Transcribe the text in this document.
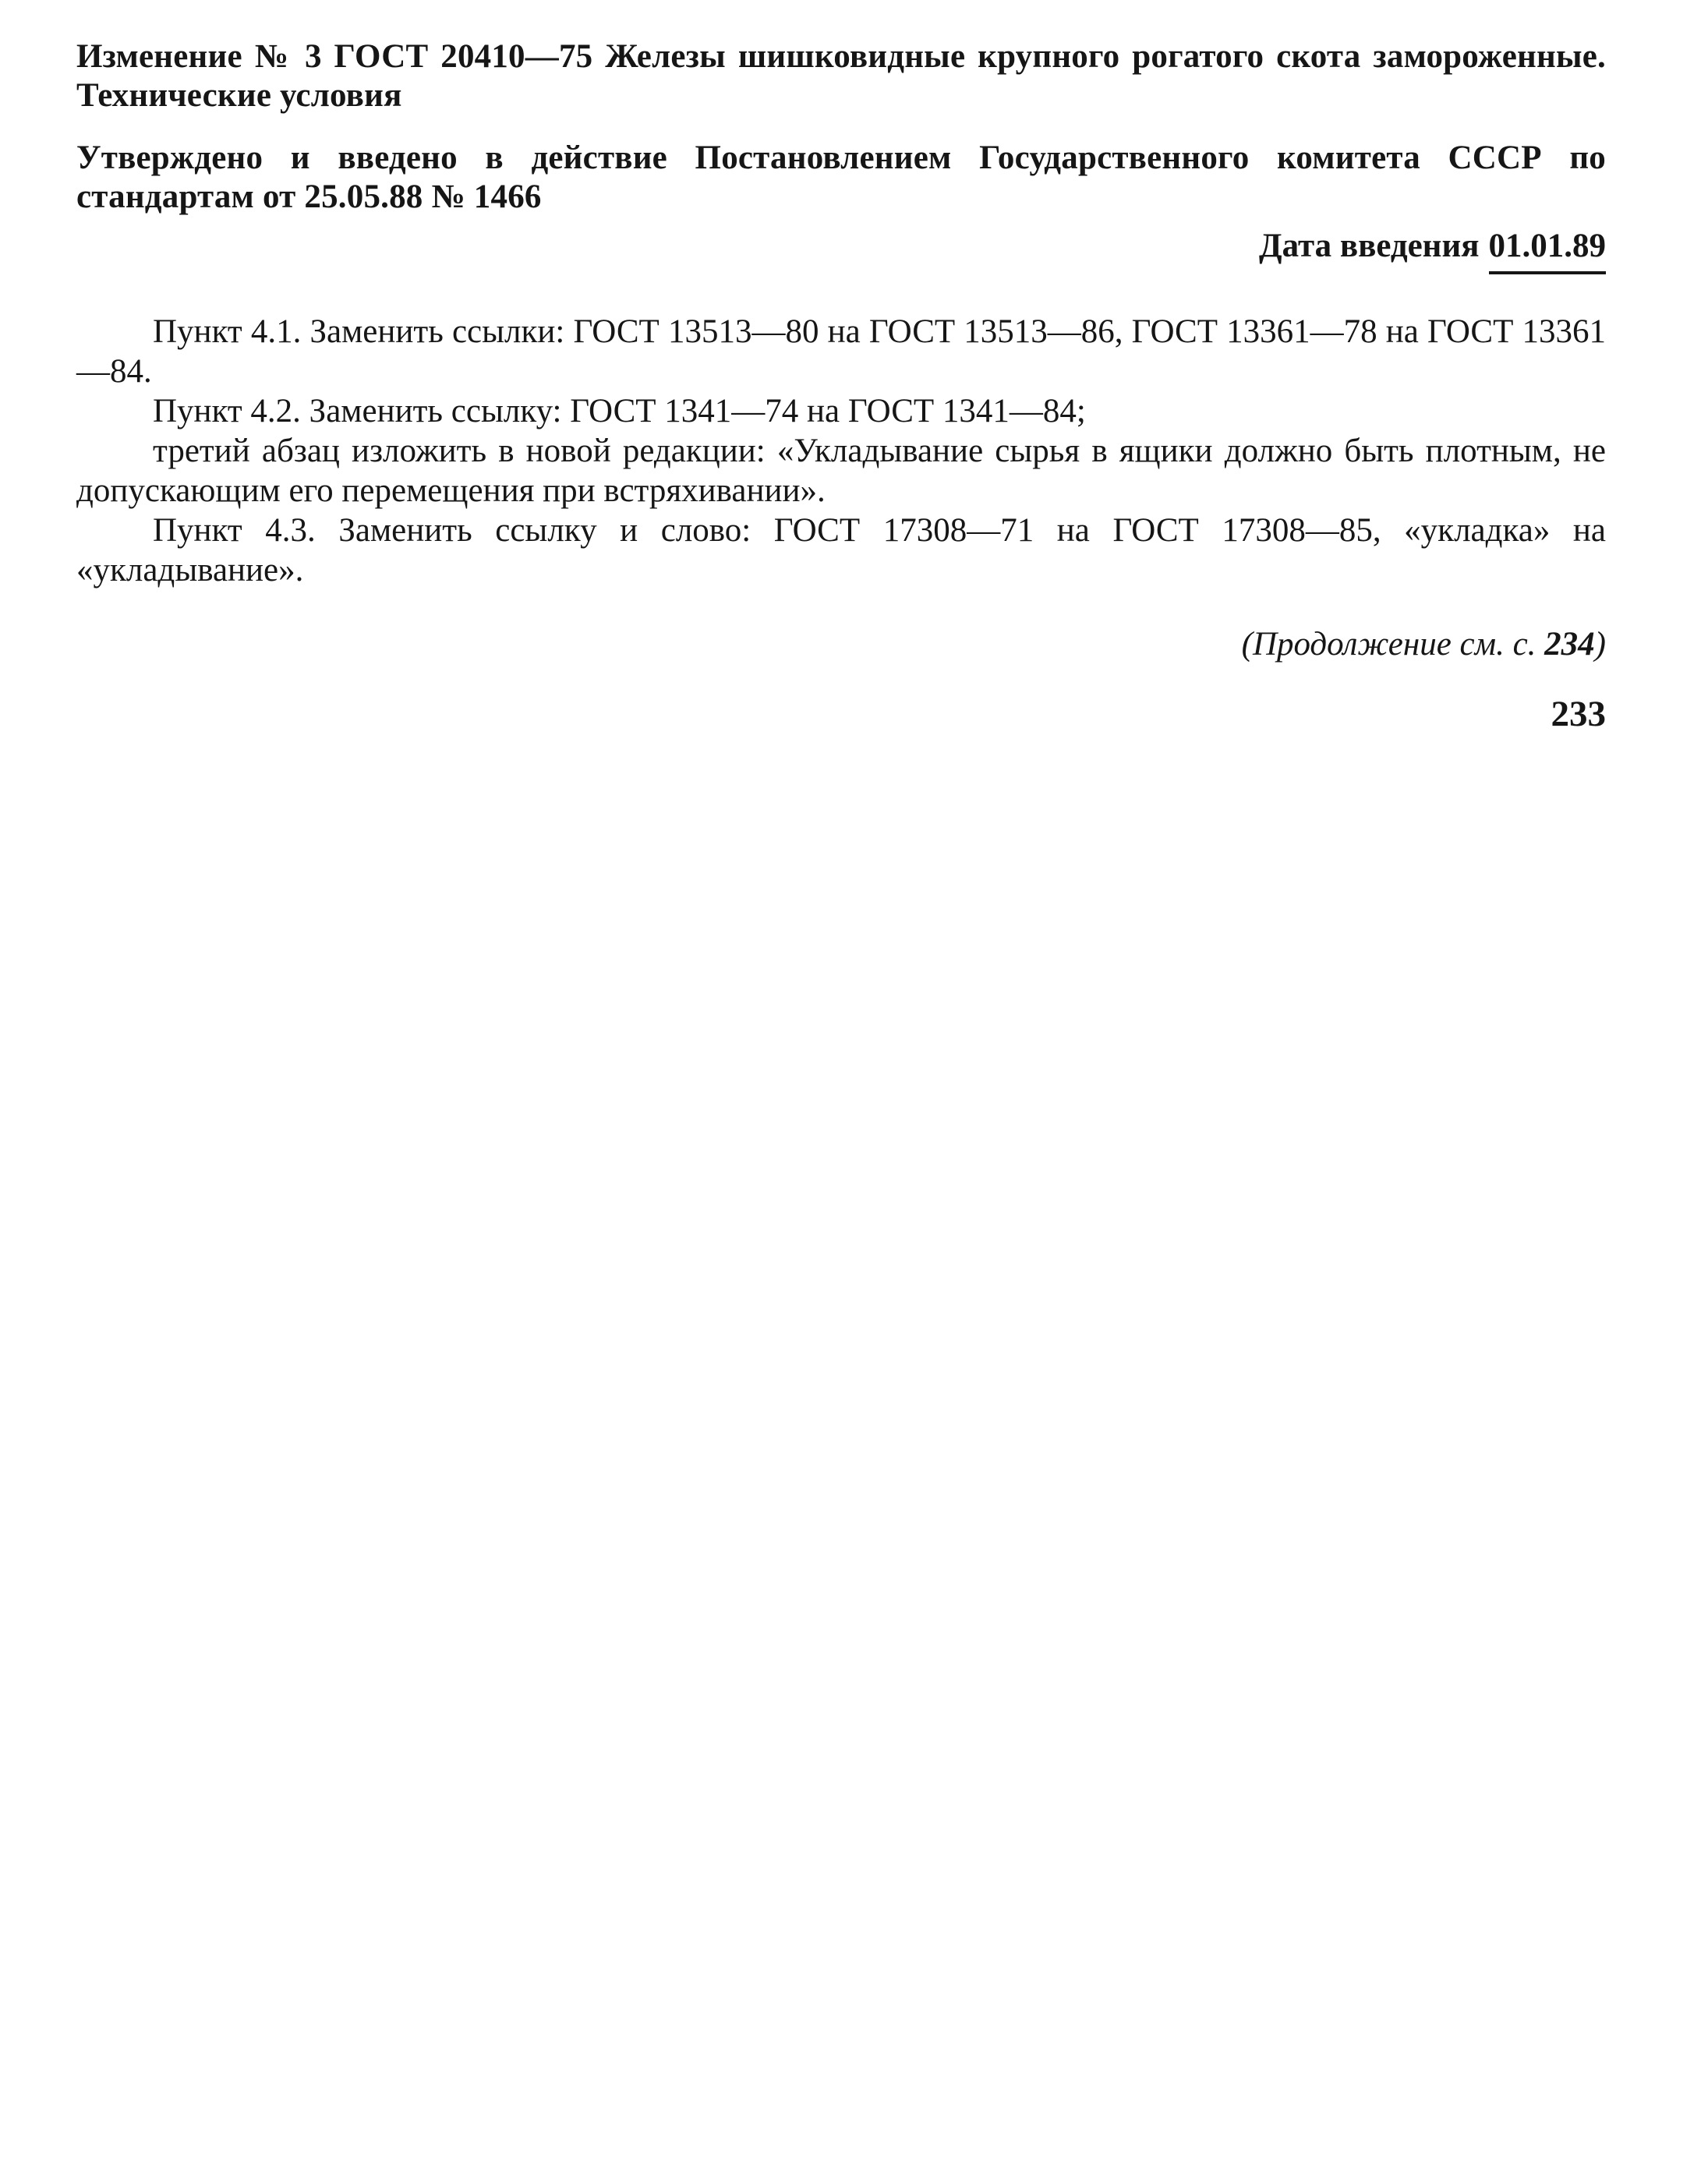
Изменение № 3 ГОСТ 20410—75 Железы шишковидные крупного рогатого скота замороженные. Технические условия

Утверждено и введено в действие Постановлением Государственного комитета СССР по стандартам от 25.05.88 № 1466

Дата введения 01.01.89

Пункт 4.1. Заменить ссылки: ГОСТ 13513—80 на ГОСТ 13513—86, ГОСТ 13361—78 на ГОСТ 13361—84.

Пункт 4.2. Заменить ссылку: ГОСТ 1341—74 на ГОСТ 1341—84;

третий абзац изложить в новой редакции: «Укладывание сырья в ящики должно быть плотным, не допускающим его перемещения при встряхивании».

Пункт 4.3. Заменить ссылку и слово: ГОСТ 17308—71 на ГОСТ 17308—85, «укладка» на «укладывание».

(Продолжение см. с. 234)
233
